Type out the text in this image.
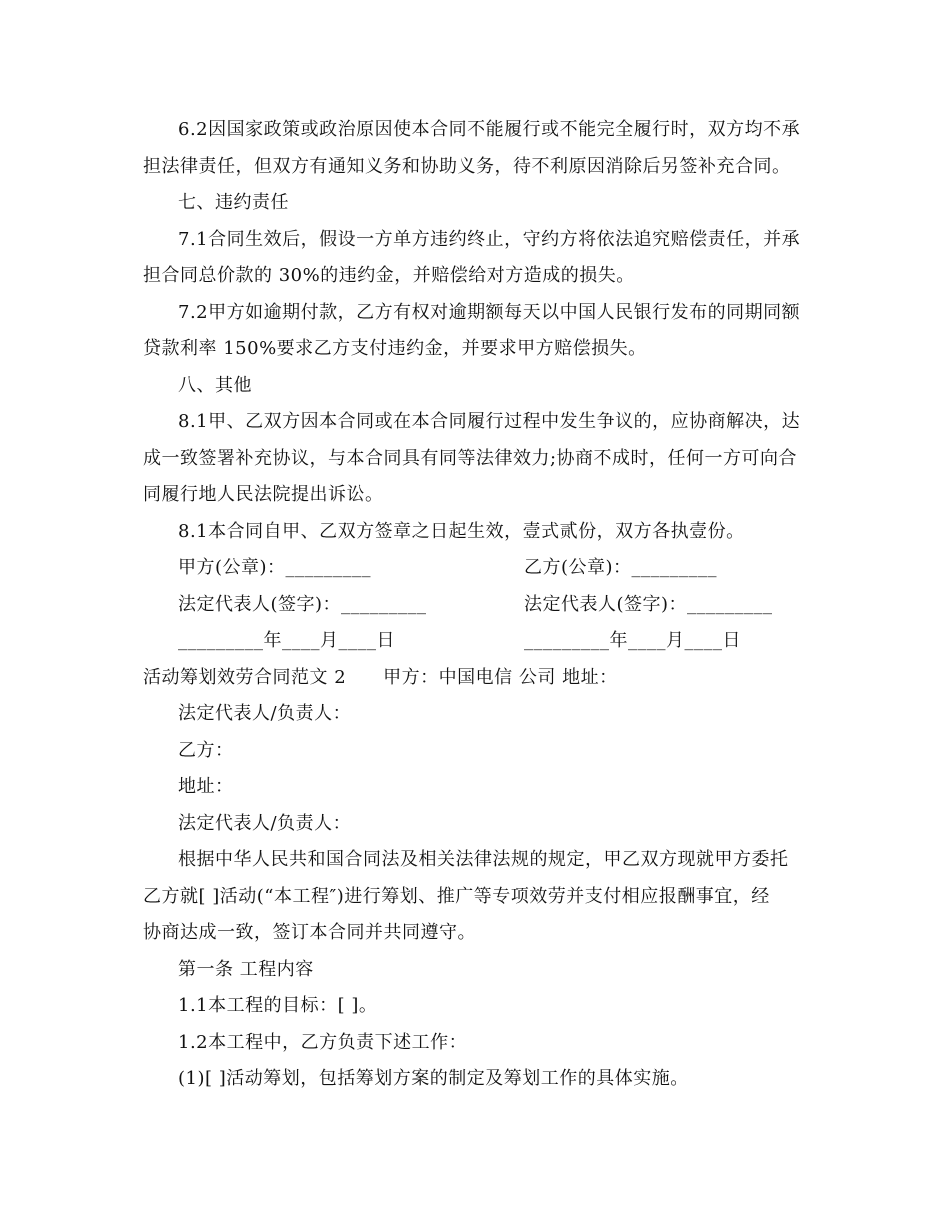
6.2因国家政策或政治原因使本合同不能履行或不能完全履行时，双方均不承
担法律责任，但双方有通知义务和协助义务，待不利原因消除后另签补充合同。
七、违约责任
7.1合同生效后，假设一方单方违约终止，守约方将依法追究赔偿责任，并承
担合同总价款的 30%的违约金，并赔偿给对方造成的损失。
7.2甲方如逾期付款，乙方有权对逾期额每天以中国人民银行发布的同期同额
贷款利率 150%要求乙方支付违约金，并要求甲方赔偿损失。
八、其他
8.1甲、乙双方因本合同或在本合同履行过程中发生争议的，应协商解决，达
成一致签署补充协议，与本合同具有同等法律效力;协商不成时，任何一方可向合
同履行地人民法院提出诉讼。
8.1本合同自甲、乙双方签章之日起生效，壹式贰份，双方各执壹份。
甲方(公章)：_________	乙方(公章)：_________
法定代表人(签字)：_________	法定代表人(签字)：_________
_________年____月____日	_________年____月____日
活动筹划效劳合同范文 2　　甲方：中国电信 公司 地址：
法定代表人/负责人：
乙方：
地址：
法定代表人/负责人：
根据中华人民共和国合同法及相关法律法规的规定，甲乙双方现就甲方委托
乙方就[ ]活动(“本工程″)进行筹划、推广等专项效劳并支付相应报酬事宜，经
协商达成一致，签订本合同并共同遵守。
第一条 工程内容
1.1本工程的目标：[ ]。
1.2本工程中，乙方负责下述工作：
(1)[ ]活动筹划，包括筹划方案的制定及筹划工作的具体实施。
